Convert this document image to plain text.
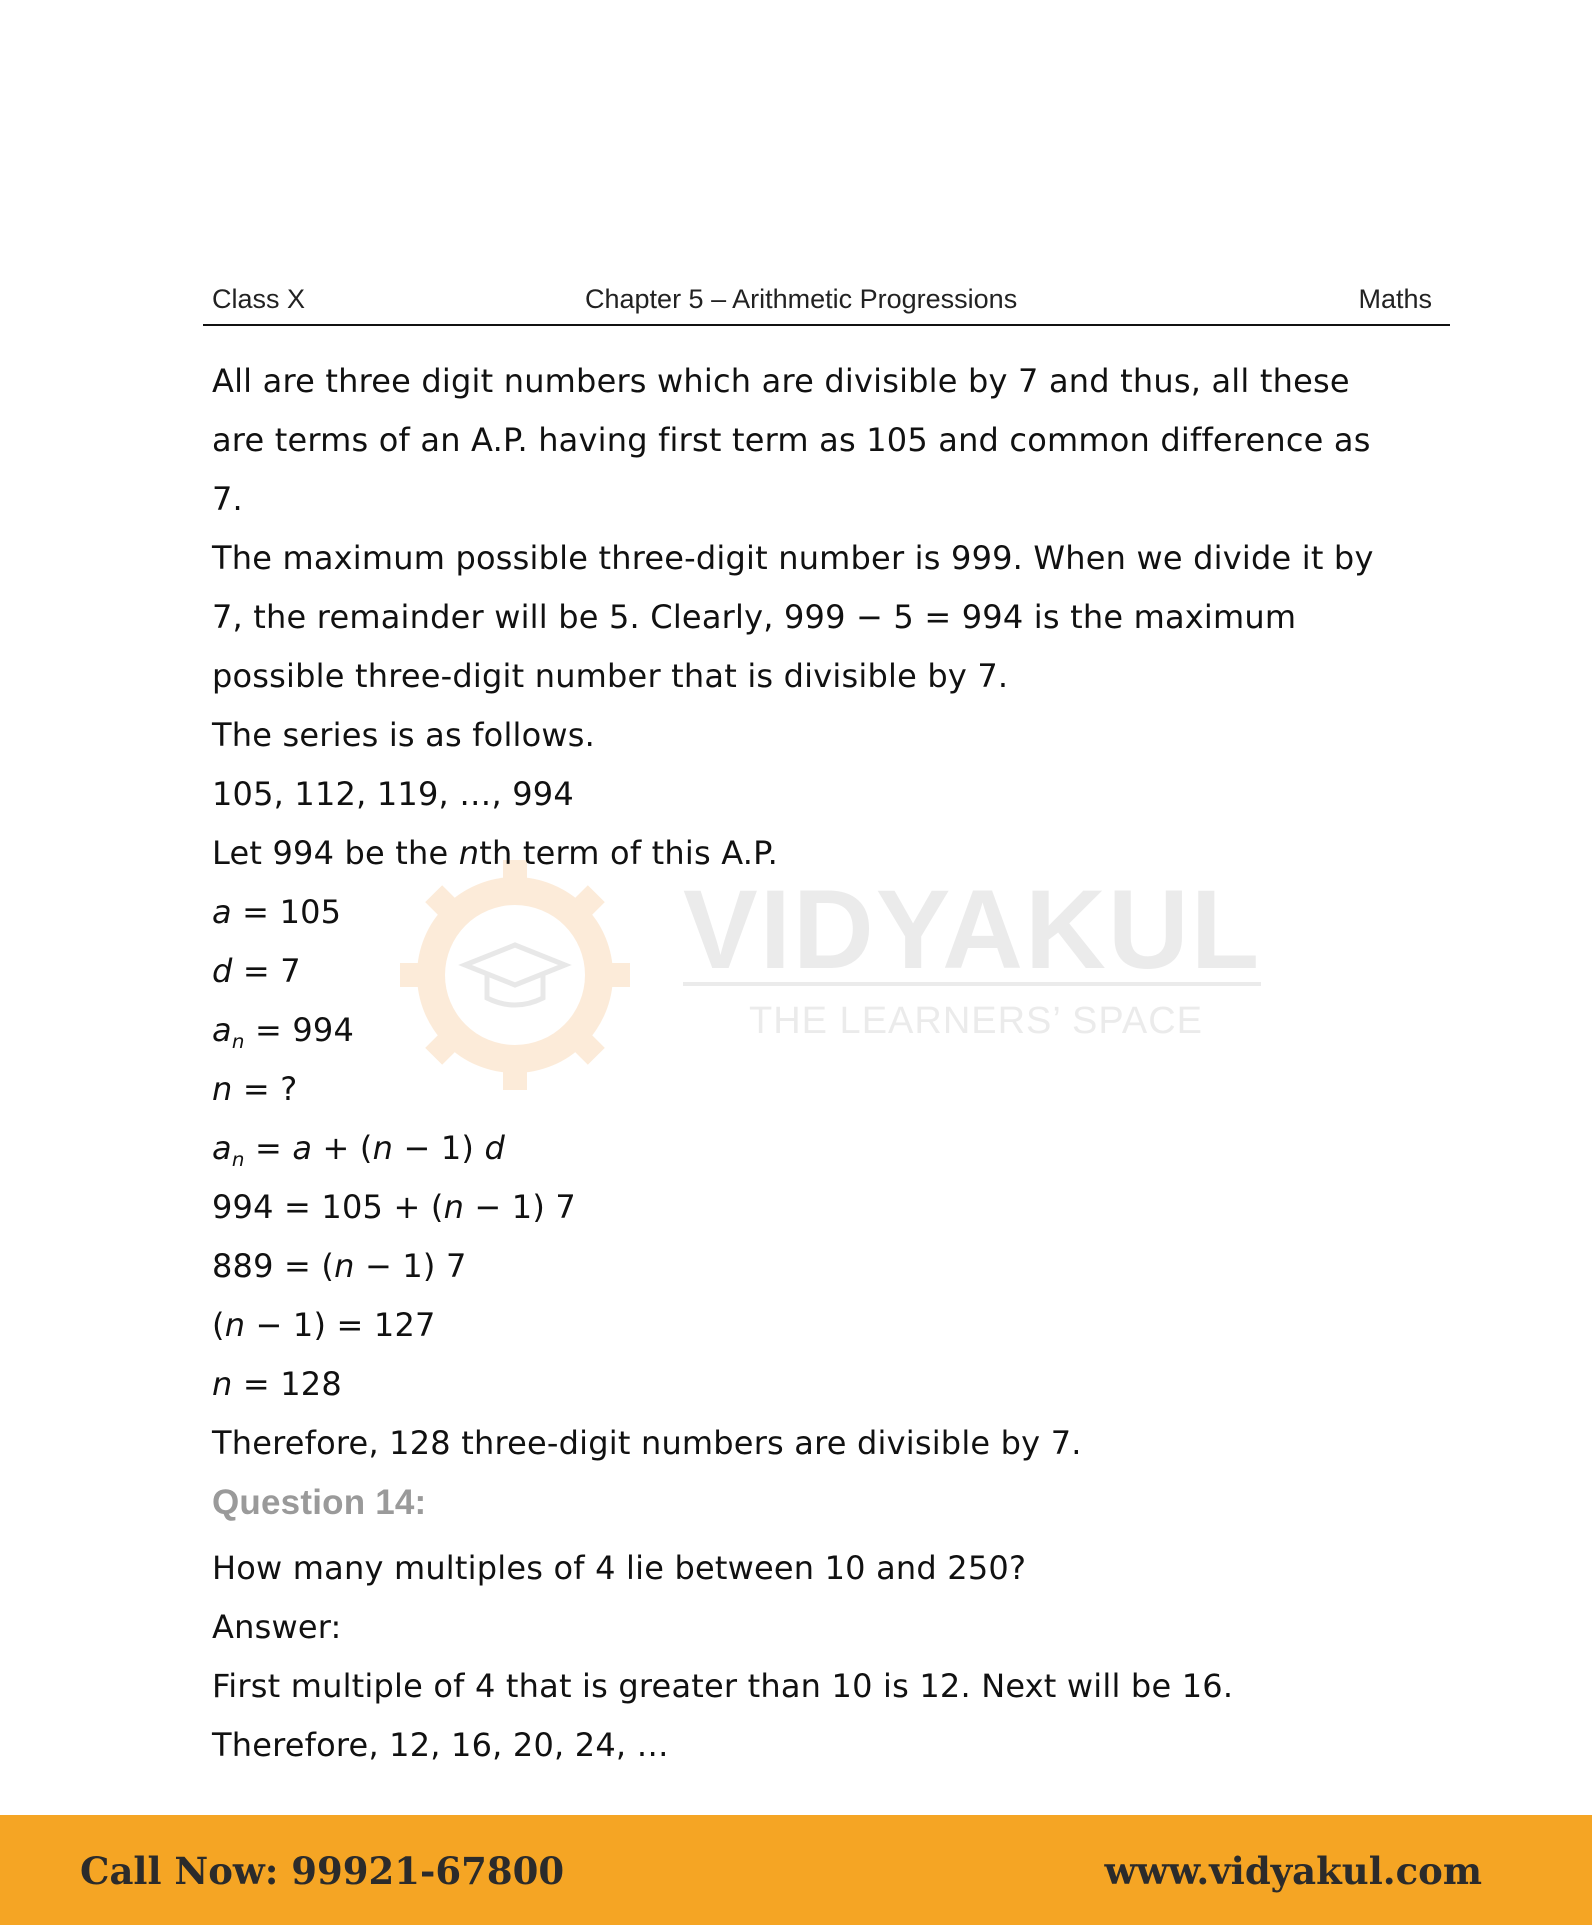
Class X	Chapter 5 – Arithmetic Progressions	Maths
VIDYAKUL
THE LEARNERS’ SPACE

All are three digit numbers which are divisible by 7 and thus, all these are terms of an A.P. having first term as 105 and common difference as 7.

The maximum possible three-digit number is 999. When we divide it by 7, the remainder will be 5. Clearly, 999 − 5 = 994 is the maximum possible three-digit number that is divisible by 7.

The series is as follows.

105, 112, 119, …, 994

Let 994 be the nth term of this A.P.

a = 105

d = 7

$a_n = 994$

n = ?

$a_n = a + (n - 1)$ d

994 = 105 + (n − 1) 7

889 = (n − 1) 7

(n − 1) = 127

n = 128

Therefore, 128 three-digit numbers are divisible by 7.

Question 14:

How many multiples of 4 lie between 10 and 250?

Answer:

First multiple of 4 that is greater than 10 is 12. Next will be 16.

Therefore, 12, 16, 20, 24, …

Call Now: 99921-67800	www.vidyakul.com
